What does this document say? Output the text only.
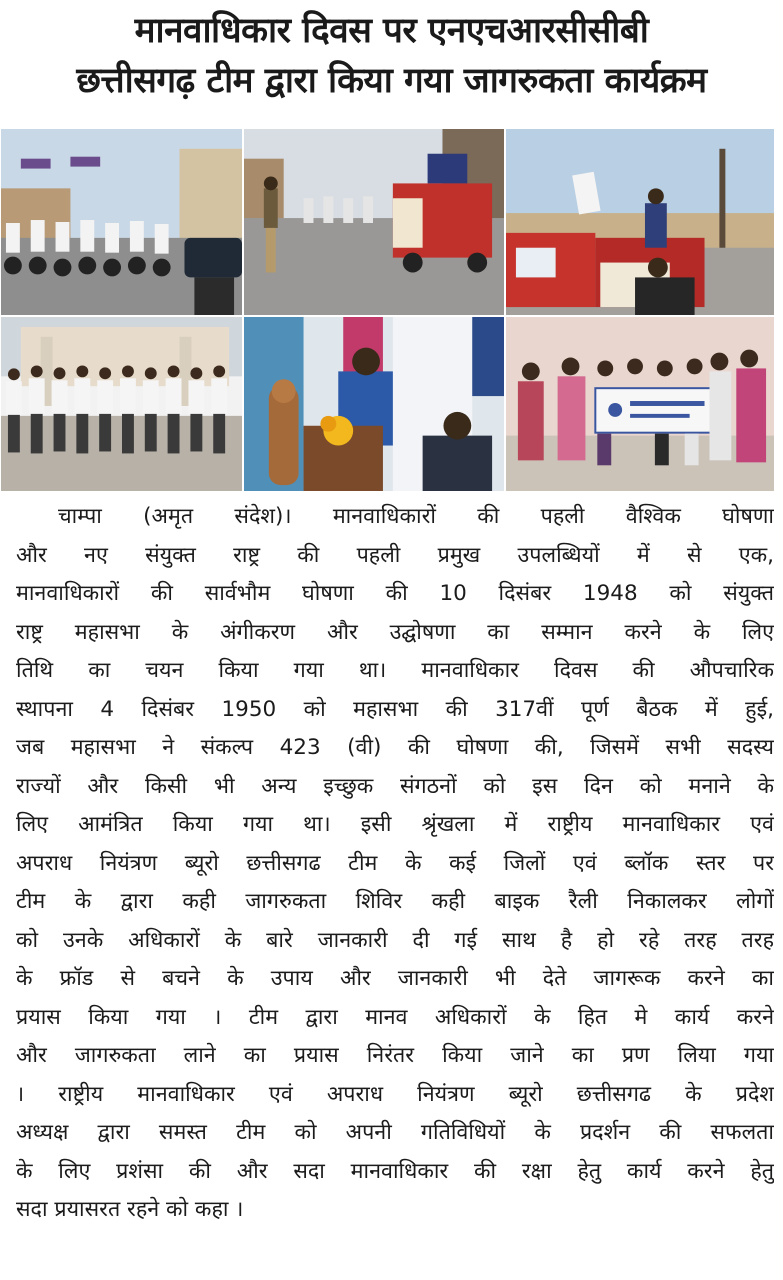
मानवाधिकार दिवस पर एनएचआरसीसीबी
छत्तीसगढ़ टीम द्वारा किया गया जागरुकता कार्यक्रम
चाम्पा (अमृत संदेश)। मानवाधिकारों की पहली वैश्विक घोषणा
और नए संयुक्त राष्ट्र की पहली प्रमुख उपलब्धियों में से एक,
मानवाधिकारों की सार्वभौम घोषणा की 10 दिसंबर 1948 को संयुक्त
राष्ट्र महासभा के अंगीकरण और उद्घोषणा का सम्मान करने के लिए
तिथि का चयन किया गया था। मानवाधिकार दिवस की औपचारिक
स्थापना 4 दिसंबर 1950 को महासभा की 317वीं पूर्ण बैठक में हुई,
जब महासभा ने संकल्प 423 (वी) की घोषणा की, जिसमें सभी सदस्य
राज्यों और किसी भी अन्य इच्छुक संगठनों को इस दिन को मनाने के
लिए आमंत्रित किया गया था। इसी श्रृंखला में राष्ट्रीय मानवाधिकार एवं
अपराध नियंत्रण ब्यूरो छत्तीसगढ टीम के कई जिलों एवं ब्लॉक स्तर पर
टीम के द्वारा कही जागरुकता शिविर कही बाइक रैली निकालकर लोगों
को उनके अधिकारों के बारे जानकारी दी गई साथ है हो रहे तरह तरह
के फ्रॉड से बचने के उपाय और जानकारी भी देते जागरूक करने का
प्रयास किया गया । टीम द्वारा मानव अधिकारों के हित मे कार्य करने
और जागरुकता लाने का प्रयास निरंतर किया जाने का प्रण लिया गया
। राष्ट्रीय मानवाधिकार एवं अपराध नियंत्रण ब्यूरो छत्तीसगढ के प्रदेश
अध्यक्ष द्वारा समस्त टीम को अपनी गतिविधियों के प्रदर्शन की सफलता
के लिए प्रशंसा की और सदा मानवाधिकार की रक्षा हेतु कार्य करने हेतु
सदा प्रयासरत रहने को कहा ।
